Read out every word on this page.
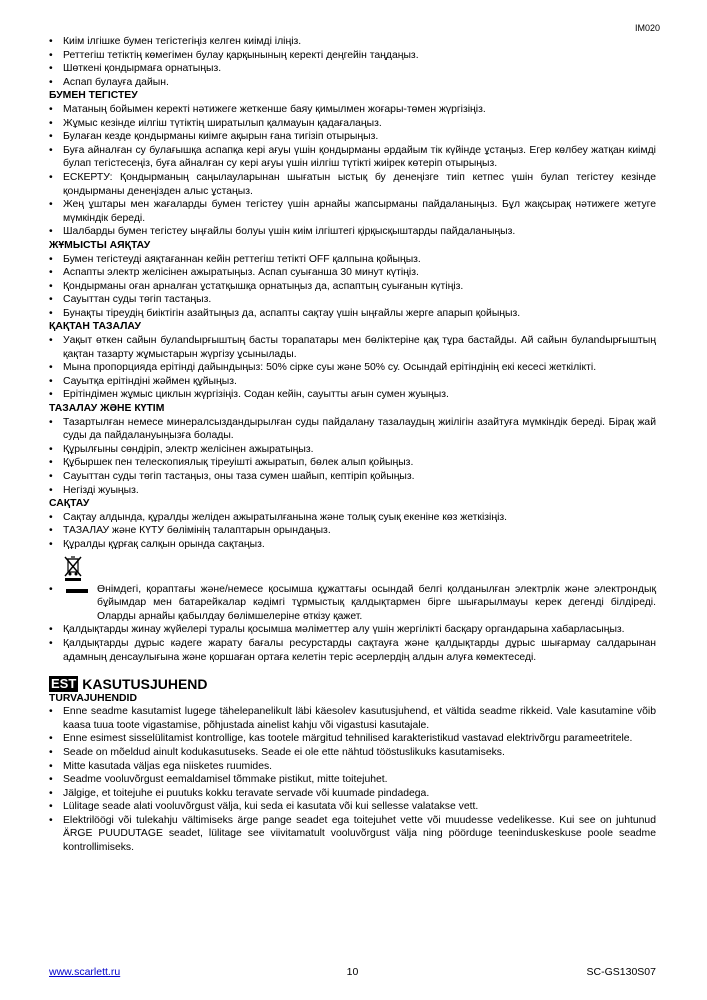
IM020
• Киім ілгішке бумен тегістегіңіз келген киімді іліңіз.
• Реттегіш тетіктің көмегімен булау қарқынының керекті деңгейін таңдаңыз.
• Шөткені қондырмаға орнатыңыз.
• Аспап булауға дайын.
БУМЕН ТЕГІСТЕУ
• Матаның бойымен керекті нәтижеге жеткенше баяу қимылмен жоғары-төмен жүргізіңіз.
• Жұмыс кезінде иілгіш түтіктің ширатылып қалмауын қадағалаңыз.
• Булаған кезде қондырманы киімге ақырын ғана тигізіп отырыңыз.
• Буға айналған су булағышқа аспапқа кері ағуы үшін қондырманы әрдайым тік күйінде ұстаңыз. Егер көлбеу жатқан киімді булап тегістесеңіз, буға айналған су кері ағуы үшін иілгіш түтікті жиірек көтеріп отырыңыз.
• ЕСКЕРТУ: Қондырманың саңылауларынан шығатын ыстық бу денеңізге тиіп кетпес үшін булап тегістеу кезінде қондырманы денеңізден алыс ұстаңыз.
• Жең ұштары мен жағаларды бумен тегістеу үшін арнайы жапсырманы пайдаланыңыз. Бұл жақсырақ нәтижеге жетуге мүмкіндік береді.
• Шалбарды бумен тегістеу ыңғайлы болуы үшін киім ілгіштегі қірқысқыштарды пайдаланыңыз.
ЖҰМЫСТЫ АЯҚТАУ
• Бумен тегістеуді аяқтағаннан кейін реттегіш тетікті OFF қалпына қойыңыз.
• Аспапты электр желісінен ажыратыңыз. Аспап суығанша 30 минут күтіңіз.
• Қондырманы оған арналған ұстатқышқа орнатыңыз да, аспаптың суығанын күтіңіз.
• Сауыттан суды төгіп тастаңыз.
• Бунақты тіреудің биіктігін азайтыңыз да, аспапты сақтау үшін ыңғайлы жерге апарып қойыңыз.
ҚАҚТАН ТАЗАЛАУ
• Уақыт өткен сайын булandырғыштың басты торапатары мен бөліктеріне қақ тұра бастайды. Ай сайын булandырғыштың қақтан тазарту жұмыстарын жүргізу ұсынылады.
• Мына пропорцияда ерітінді дайындыңыз: 50% сірке суы және 50% су. Осындай ерітіндінің екі кесесі жеткілікті.
• Сауытқа ерітіндіні жәймен құйыңыз.
• Ерітіндімен жұмыс циклын жүргізіңіз. Содан кейін, сауытты ағын сумен жуыңыз.
ТАЗАЛАУ ЖӘНЕ КҮТІМ
• Тазартылған немесе минералсыздандырылған суды пайдалану тазалаудың жиілігін азайтуға мүмкіндік береді. Бірақ жай суды да пайдалануыңызға болады.
• Құрылғыны сөндіріп, электр желісінен ажыратыңыз.
• Құбыршек пен телескопиялық тіреуішті ажыратып, бөлек алып қойыңыз.
• Сауыттан суды төгіп тастаңыз, оны таза сумен шайып, кептіріп қойыңыз.
• Негізді жуыңыз.
САҚТАУ
• Сақтау алдында, құралды желіден ажыратылғанына және толық суық екеніне көз жеткізіңіз.
• ТАЗАЛАУ және КҮТУ бөлімінің талаптарын орындаңыз.
• Құралды құрғақ салқын орында сақтаңыз.
•	Өнімдегі, қораптағы және/немесе қосымша құжаттағы осындай белгі қолданылған электрлік және электрондық бұйымдар мен батарейкалар кәдімгі тұрмыстық қалдықтармен бірге шығарылмауы керек дегенді білдіреді. Оларды арнайы қабылдау бөлімшелеріне өткізу қажет.
• Қалдықтарды жинау жүйелері туралы қосымша мәліметтер алу үшін жергілікті басқару органдарына хабарласыңыз.
• Қалдықтарды дұрыс кәдеге жарату бағалы ресурстарды сақтауға және қалдықтарды дұрыс шығармау салдарынан адамның денсаулығына және қоршаған ортаға келетін теріс әсерлердің алдын алуға көмектеседі.
EST KASUTUSJUHEND
TURVAJUHENDID
• Enne seadme kasutamist lugege tähelepanelikult läbi käesolev kasutusjuhend, et vältida seadme rikkeid. Vale kasutamine võib kaasa tuua toote vigastamise, põhjustada ainelist kahju või vigastusi kasutajale.
• Enne esimest sisselülitamist kontrollige, kas tootele märgitud tehnilised karakteristikud vastavad elektrivõrgu parameetritele.
• Seade on mõeldud ainult kodukasutuseks. Seade ei ole ette nähtud tööstuslikuks kasutamiseks.
• Mitte kasutada väljas ega niisketes ruumides.
• Seadme vooluvõrgust eemaldamisel tõmmake pistikut, mitte toitejuhet.
• Jälgige, et toitejuhe ei puutuks kokku teravate servade või kuumade pindadega.
• Lülitage seade alati vooluvõrgust välja, kui seda ei kasutata või kui sellesse valatakse vett.
• Elektrilöögi või tulekahju vältimiseks ärge pange seadet ega toitejuhet vette või muudesse vedelikesse. Kui see on juhtunud ÄRGE PUUDUTAGE seadet, lülitage see viivitamatult vooluvõrgust välja ning pöörduge teeninduskeskuse poole seadme kontrollimiseks.
www.scarlett.ru	10	SC-GS130S07
